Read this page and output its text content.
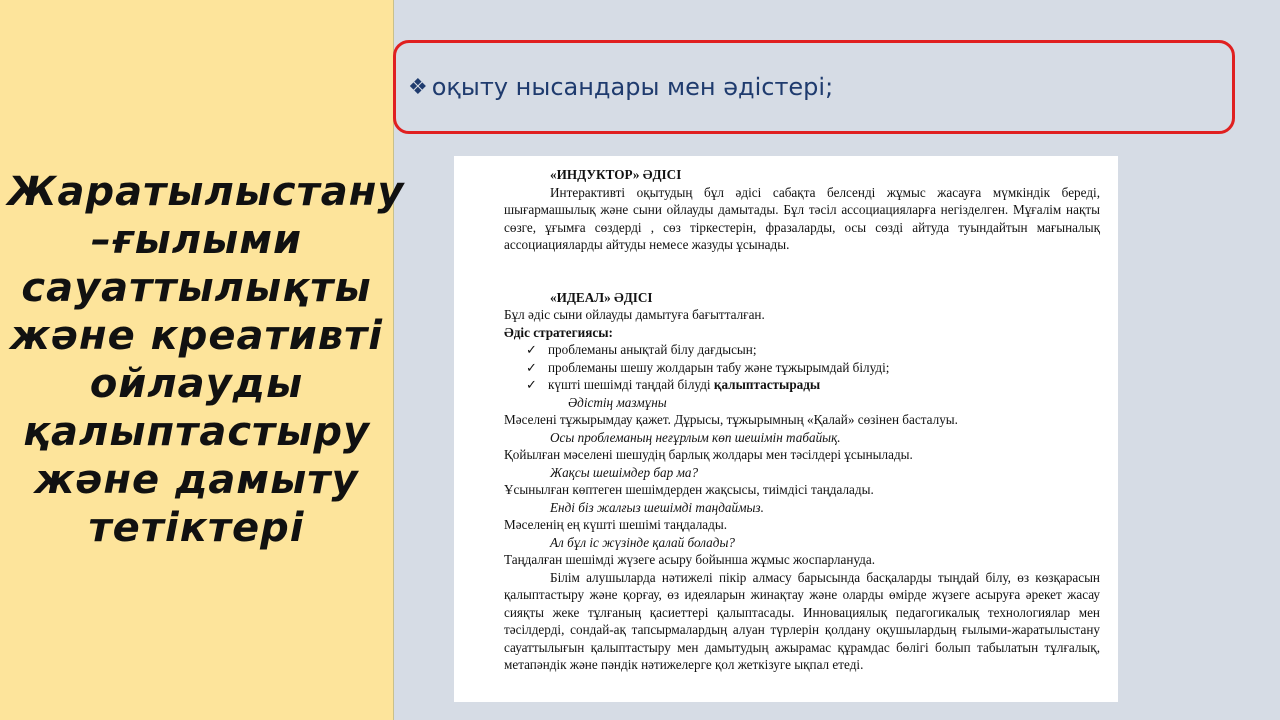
Жаратылыстану –ғылыми сауаттылықты және креативті ойлауды қалыптастыру және дамыту тетіктері
❖ оқыту нысандары мен әдістері;

«ИНДУКТОР» ӘДІСІ

Интерактивті оқытудың бұл әдісі сабақта белсенді жұмыс жасауға мүмкіндік береді, шығармашылық және сыни ойлауды дамытады. Бұл тәсіл ассоциацияларға негізделген. Мұғалім нақты сөзге, ұғымға сөздерді , сөз тіркестерін, фразаларды, осы сөзді айтуда туындайтын мағыналық ассоциацияларды айтуды немесе жазуды ұсынады.

«ИДЕАЛ» ӘДІСІ

Бұл әдіс сыни ойлауды дамытуға бағытталған.

Әдіс стратегиясы:

✓ проблеманы анықтай білу дағдысын;
✓ проблеманы шешу жолдарын табу және тұжырымдай білуді;
✓ күшті шешімді таңдай білуді қалыптастырады

Әдістің мазмұны

Мәселені тұжырымдау қажет. Дұрысы, тұжырымның «Қалай» сөзінен басталуы.

Осы проблеманың неғұрлым көп шешімін табайық.

Қойылған мәселені шешудің барлық жолдары мен тәсілдері ұсынылады.

Жақсы шешімдер бар ма?

Ұсынылған көптеген шешімдерден жақсысы, тиімдісі таңдалады.

Енді біз жалғыз шешімді таңдаймыз.

Мәселенің ең күшті шешімі таңдалады.

Ал бұл іс жүзінде қалай болады?

Таңдалған шешімді жүзеге асыру бойынша жұмыс жоспарлануда.

Білім алушыларда нәтижелі пікір алмасу барысында басқаларды тыңдай білу, өз көзқарасын қалыптастыру және қорғау, өз идеяларын жинақтау және оларды өмірде жүзеге асыруға әрекет жасау сияқты жеке тұлғаның қасиеттері қалыптасады. Инновациялық педагогикалық технологиялар мен тәсілдерді, сондай-ақ тапсырмалардың алуан түрлерін қолдану оқушылардың ғылыми-жаратылыстану сауаттылығын қалыптастыру мен дамытудың ажырамас құрамдас бөлігі болып табылатын тұлғалық, метапәндік және пәндік нәтижелерге қол жеткізуге ықпал етеді.
